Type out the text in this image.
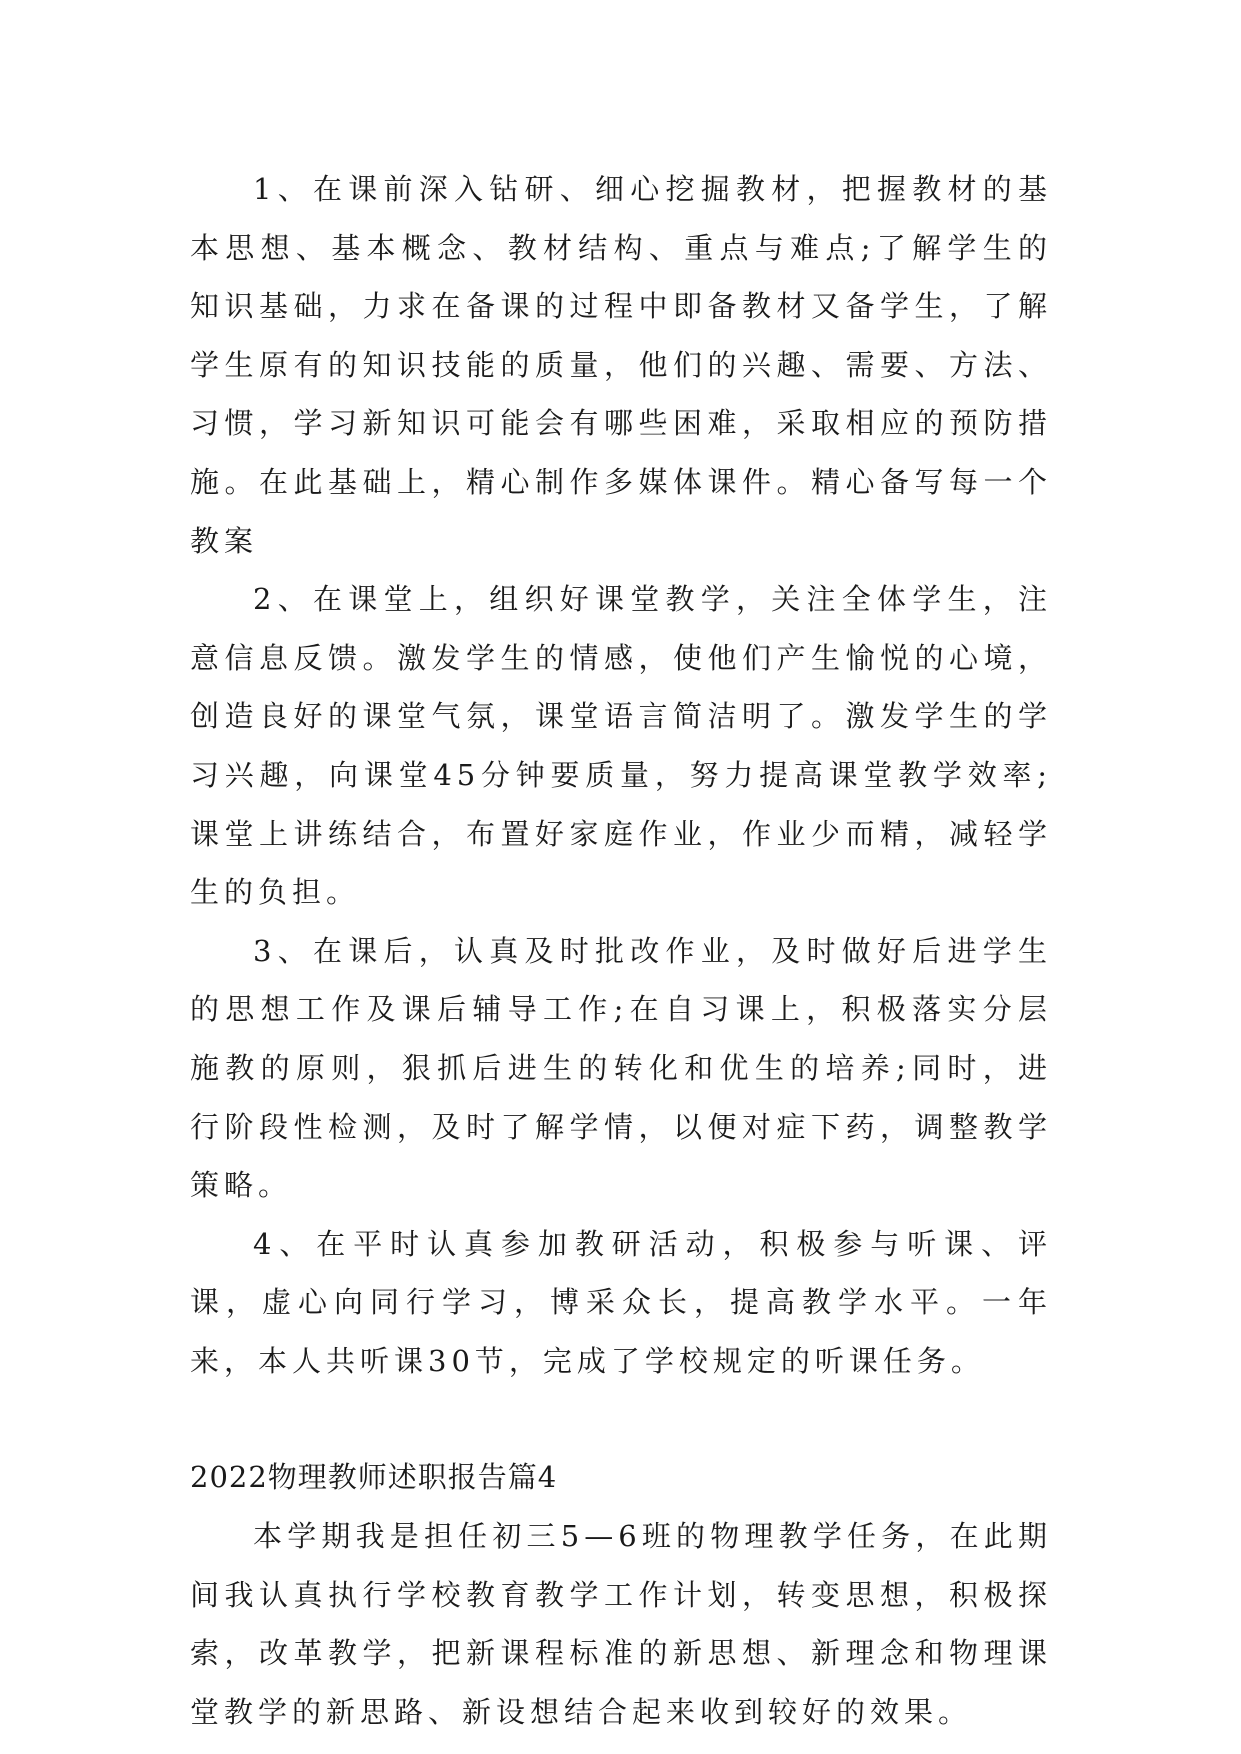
1、在课前深入钻研、细心挖掘教材，把握教材的基本思想、基本概念、教材结构、重点与难点;了解学生的知识基础，力求在备课的过程中即备教材又备学生，了解学生原有的知识技能的质量，他们的兴趣、需要、方法、习惯，学习新知识可能会有哪些困难，采取相应的预防措施。在此基础上，精心制作多媒体课件。精心备写每一个教案

2、在课堂上，组织好课堂教学，关注全体学生，注意信息反馈。激发学生的情感，使他们产生愉悦的心境，创造良好的课堂气氛，课堂语言简洁明了。激发学生的学习兴趣，向课堂45分钟要质量，努力提高课堂教学效率;课堂上讲练结合，布置好家庭作业，作业少而精，减轻学生的负担。

3、在课后，认真及时批改作业，及时做好后进学生的思想工作及课后辅导工作;在自习课上，积极落实分层施教的原则，狠抓后进生的转化和优生的培养;同时，进行阶段性检测，及时了解学情，以便对症下药，调整教学策略。

4、在平时认真参加教研活动，积极参与听课、评课，虚心向同行学习，博采众长，提高教学水平。一年来，本人共听课30节，完成了学校规定的听课任务。

2022物理教师述职报告篇4

本学期我是担任初三5—6班的物理教学任务，在此期间我认真执行学校教育教学工作计划，转变思想，积极探索，改革教学，把新课程标准的新思想、新理念和物理课堂教学的新思路、新设想结合起来收到较好的效果。
